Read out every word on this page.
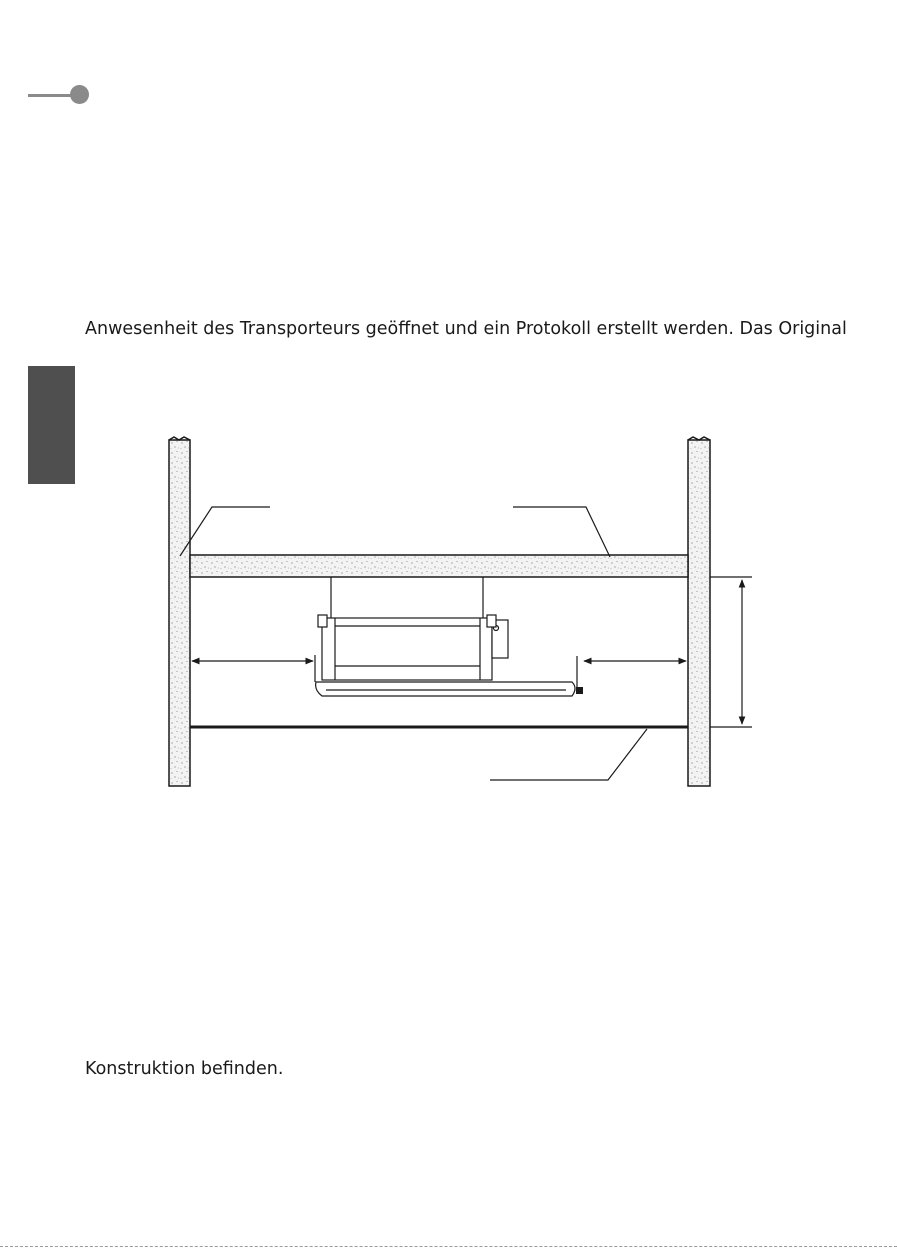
Anwesenheit des Transporteurs geöffnet und ein Protokoll erstellt werden. Das Original

Konstruktion befinden.
